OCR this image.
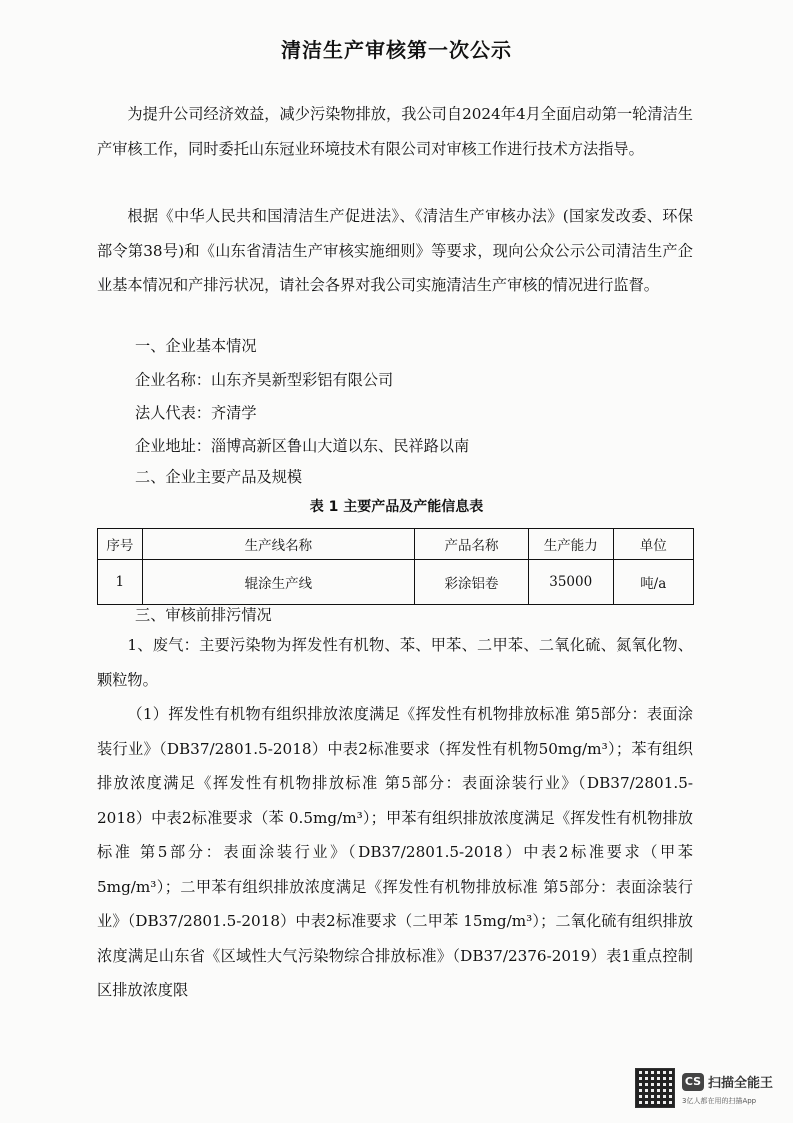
清洁生产审核第一次公示

为提升公司经济效益，减少污染物排放，我公司自2024年4月全面启动第一轮清洁生产审核工作，同时委托山东冠业环境技术有限公司对审核工作进行技术方法指导。

根据《中华人民共和国清洁生产促进法》、《清洁生产审核办法》(国家发改委、环保部令第38号)和《山东省清洁生产审核实施细则》等要求，现向公众公示公司清洁生产企业基本情况和产排污状况，请社会各界对我公司实施清洁生产审核的情况进行监督。

一、企业基本情况
企业名称：山东齐昊新型彩铝有限公司
法人代表：齐清学
企业地址：淄博高新区鲁山大道以东、民祥路以南
二、企业主要产品及规模
表 1 主要产品及产能信息表
序号	生产线名称	产品名称	生产能力	单位
1	辊涂生产线	彩涂铝卷	35000	吨/a
三、审核前排污情况

1、废气：主要污染物为挥发性有机物、苯、甲苯、二甲苯、二氧化硫、氮氧化物、颗粒物。

（1）挥发性有机物有组织排放浓度满足《挥发性有机物排放标准 第5部分：表面涂装行业》（DB37/2801.5-2018）中表2标准要求（挥发性有机物50mg/m³）；苯有组织排放浓度满足《挥发性有机物排放标准 第5部分：表面涂装行业》（DB37/2801.5-2018）中表2标准要求（苯 0.5mg/m³）；甲苯有组织排放浓度满足《挥发性有机物排放标准 第5部分：表面涂装行业》（DB37/2801.5-2018）中表2标准要求（甲苯 5mg/m³）；二甲苯有组织排放浓度满足《挥发性有机物排放标准 第5部分：表面涂装行业》（DB37/2801.5-2018）中表2标准要求（二甲苯 15mg/m³）；二氧化硫有组织排放浓度满足山东省《区域性大气污染物综合排放标准》（DB37/2376-2019）表1重点控制区排放浓度限

CS 扫描全能王
3亿人都在用的扫描App
